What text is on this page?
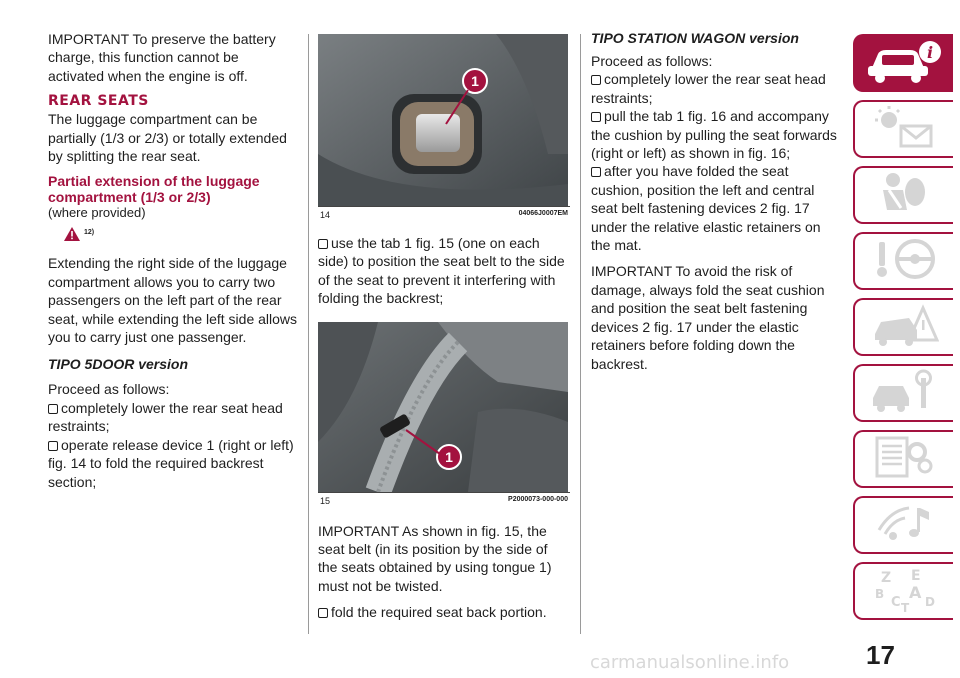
IMPORTANT To preserve the battery charge, this function cannot be activated when the engine is off.

REAR SEATS

The luggage compartment can be partially (1/3 or 2/3) or totally extended by splitting the rear seat.

Partial extension of the luggage compartment (1/3 or 2/3)
(where provided)
12)

Extending the right side of the luggage compartment allows you to carry two passengers on the left part of the rear seat, while extending the left side allows you to carry just one passenger.

TIPO 5DOOR version
Proceed as follows:
completely lower the rear seat head restraints;
operate release device 1 (right or left) fig. 14 to fold the required backrest section;
1
14	04066J0007EM
use the tab 1 fig. 15 (one on each side) to position the seat belt to the side of the seat to prevent it interfering with folding the backrest;
1
15	P2000073-000-000

IMPORTANT As shown in fig. 15, the seat belt (in its position by the side of the seats obtained by using tongue 1) must not be twisted.

fold the required seat back portion.
TIPO STATION WAGON version
Proceed as follows:
completely lower the rear seat head restraints;
pull the tab 1 fig. 16 and accompany the cushion by pulling the seat forwards (right or left) as shown in fig. 16;
after you have folded the seat cushion, position the left and central seat belt fastening devices 2 fig. 17 under the relative elastic retainers on the mat.

IMPORTANT To avoid the risk of damage, always fold the seat cushion and position the seat belt fastening devices 2 fig. 17 under the elastic retainers before folding down the backrest.

i
Z E
B A
C D
T
17
carmanualsonline.info
